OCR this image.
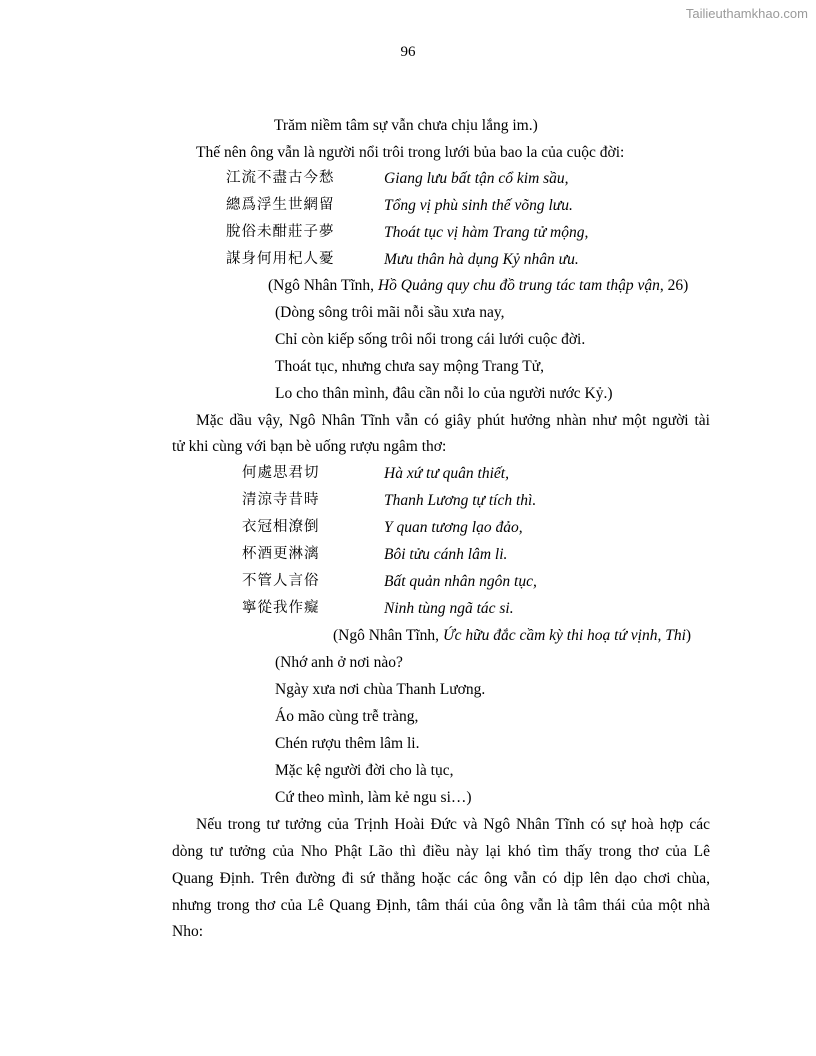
Tailieuthamkhao.com
96
Trăm niềm tâm sự vẫn chưa chịu lắng im.)
Thế nên ông vẫn là người nổi trôi trong lưới bủa bao la của cuộc đời:
江流不盡古今愁	Giang lưu bất tận cổ kim sầu,
總爲浮生世網留	Tổng vị phù sinh thế võng lưu.
脫俗未酣莊子夢	Thoát tục vị hàm Trang tử mộng,
謀身何用杞人憂	Mưu thân hà dụng Kỷ nhân ưu.
(Ngô Nhân Tĩnh, Hồ Quảng quy chu đồ trung tác tam thập vận, 26)
(Dòng sông trôi mãi nỗi sầu xưa nay,
Chỉ còn kiếp sống trôi nổi trong cái lưới cuộc đời.
Thoát tục, nhưng chưa say mộng Trang Tử,
Lo cho thân mình, đâu cần nỗi lo của người nước Kỷ.)
Mặc dầu vậy, Ngô Nhân Tĩnh vẫn có giây phút hưởng nhàn như một người tài
tử khi cùng với bạn bè uống rượu ngâm thơ:
何處思君切	Hà xứ tư quân thiết,
清涼寺昔時	Thanh Lương tự tích thì.
衣冠相潦倒	Y quan tương lạo đảo,
杯酒更淋漓	Bôi tửu cánh lâm li.
不管人言俗	Bất quản nhân ngôn tục,
寧從我作癡	Ninh tùng ngã tác si.
(Ngô Nhân Tĩnh, Ức hữu đắc cầm kỳ thi hoạ tứ vịnh, Thi)
(Nhớ anh ở nơi nào?
Ngày xưa nơi chùa Thanh Lương.
Áo mão cùng trễ tràng,
Chén rượu thêm lâm li.
Mặc kệ người đời cho là tục,
Cứ theo mình, làm kẻ ngu si…)
Nếu trong tư tưởng của Trịnh Hoài Đức và Ngô Nhân Tĩnh có sự hoà hợp các
dòng tư tưởng của Nho Phật Lão thì điều này lại khó tìm thấy trong thơ của Lê
Quang Định. Trên đường đi sứ thẳng hoặc các ông vẫn có dịp lên dạo chơi chùa,
nhưng trong thơ của Lê Quang Định, tâm thái của ông vẫn là tâm thái của một nhà
Nho:
